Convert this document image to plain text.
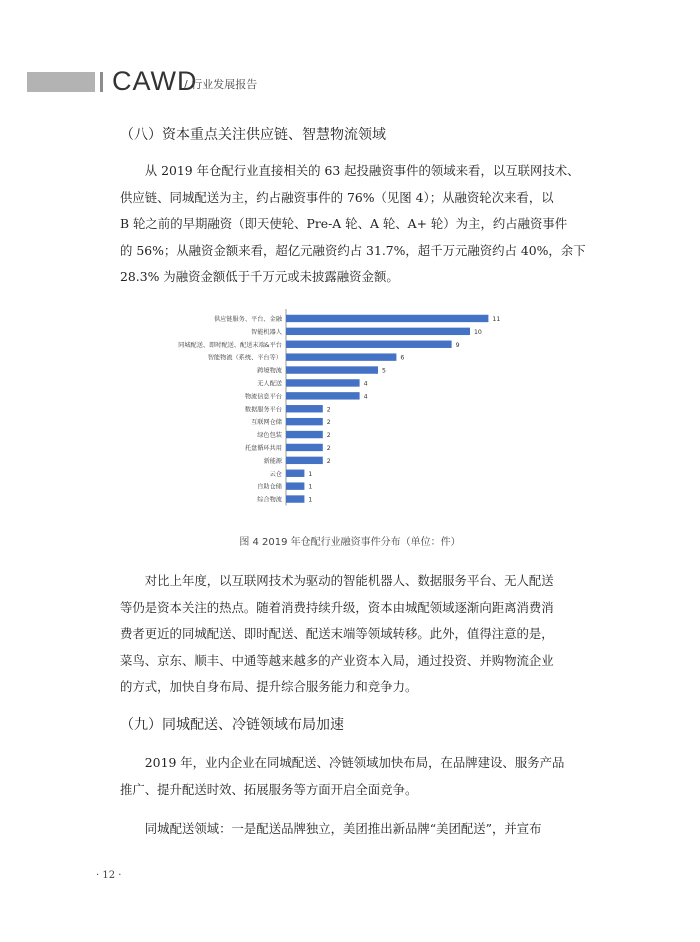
CAWD
/ 行业发展报告
（八）资本重点关注供应链、智慧物流领域
从 2019 年仓配行业直接相关的 63 起投融资事件的领域来看，以互联网技术、
供应链、同城配送为主，约占融资事件的 76%（见图 4）；从融资轮次来看，以
B 轮之前的早期融资（即天使轮、Pre-A 轮、A 轮、A+ 轮）为主，约占融资事件
的 56%；从融资金额来看，超亿元融资约占 31.7%，超千万元融资约占 40%，余下
28.3% 为融资金额低于千万元或未披露融资金额。
供应链服务、平台、金融	11
智能机器人	10
同城配送、即时配送、配送末端&平台	9
智能物流（系统、平台等）	6
跨境物流	5
无人配送	4
物流信息平台	4
数据服务平台	2
互联网仓储	2
绿色包装	2
托盘循环共用	2
新能源	2
云仓	1
自助仓储	1
综合物流	1
图 4 2019 年仓配行业融资事件分布（单位：件）
对比上年度，以互联网技术为驱动的智能机器人、数据服务平台、无人配送
等仍是资本关注的热点。随着消费持续升级，资本由城配领域逐渐向距离消费消
费者更近的同城配送、即时配送、配送末端等领域转移。此外，值得注意的是，
菜鸟、京东、顺丰、中通等越来越多的产业资本入局，通过投资、并购物流企业
的方式，加快自身布局、提升综合服务能力和竞争力。
（九）同城配送、冷链领域布局加速
2019 年，业内企业在同城配送、冷链领域加快布局，在品牌建设、服务产品
推广、提升配送时效、拓展服务等方面开启全面竞争。
同城配送领域：一是配送品牌独立，美团推出新品牌“美团配送”，并宣布
· 12 ·
